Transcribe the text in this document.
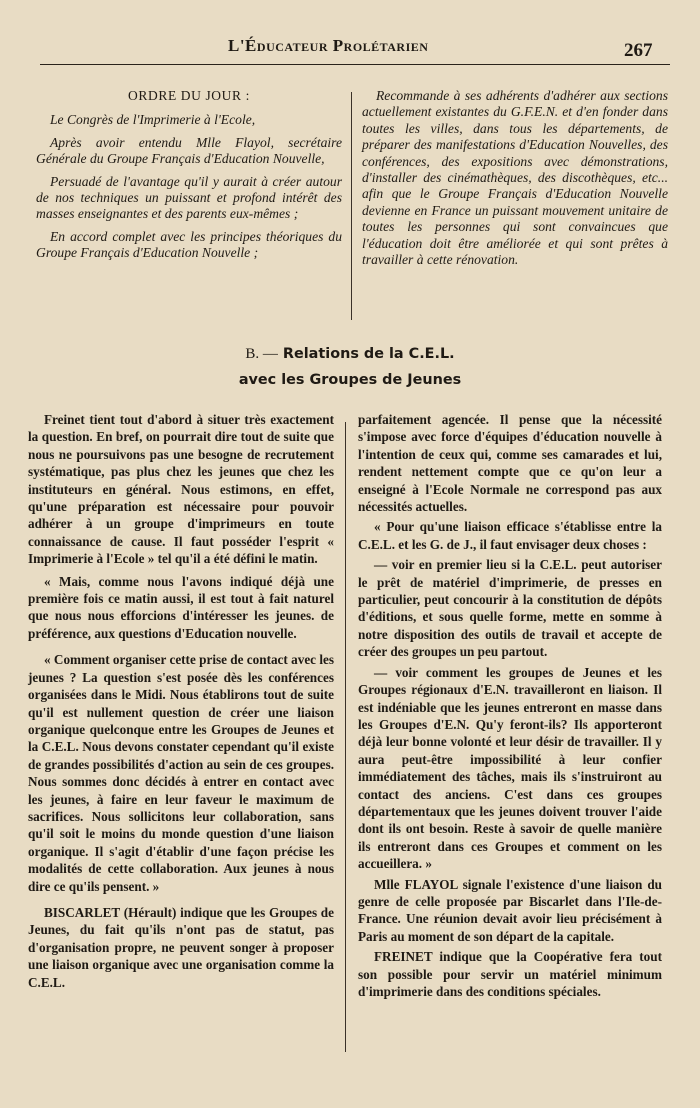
L'Éducateur Prolétarien	267

ORDRE DU JOUR :

Le Congrès de l'Imprimerie à l'Ecole,

Après avoir entendu Mlle Flayol, secrétaire Générale du Groupe Français d'Education Nouvelle,

Persuadé de l'avantage qu'il y aurait à créer autour de nos techniques un puissant et profond intérêt des masses enseignantes et des parents eux-mêmes ;

En accord complet avec les principes théoriques du Groupe Français d'Education Nouvelle ;

Recommande à ses adhérents d'adhérer aux sections actuellement existantes du G.F.E.N. et d'en fonder dans toutes les villes, dans tous les départements, de préparer des manifestations d'Education Nouvelles, des conférences, des expositions avec démonstrations, d'installer des cinémathèques, des discothèques, etc... afin que le Groupe Français d'Education Nouvelle devienne en France un puissant mouvement unitaire de toutes les personnes qui sont convaincues que l'éducation doit être améliorée et qui sont prêtes à travailler à cette rénovation.

B. — Relations de la C.E.L.
avec les Groupes de Jeunes

Freinet tient tout d'abord à situer très exactement la question. En bref, on pourrait dire tout de suite que nous ne poursuivons pas une besogne de recrutement systématique, pas plus chez les jeunes que chez les instituteurs en général. Nous estimons, en effet, qu'une préparation est nécessaire pour pouvoir adhérer à un groupe d'imprimeurs en toute connaissance de cause. Il faut posséder l'esprit « Imprimerie à l'Ecole » tel qu'il a été défini le matin.

« Mais, comme nous l'avons indiqué déjà une première fois ce matin aussi, il est tout à fait naturel que nous nous efforcions d'intéresser les jeunes. de préférence, aux questions d'Education nouvelle.

« Comment organiser cette prise de contact avec les jeunes ? La question s'est posée dès les conférences organisées dans le Midi. Nous établirons tout de suite qu'il est nullement question de créer une liaison organique quelconque entre les Groupes de Jeunes et la C.E.L. Nous devons constater cependant qu'il existe de grandes possibilités d'action au sein de ces groupes. Nous sommes donc décidés à entrer en contact avec les jeunes, à faire en leur faveur le maximum de sacrifices. Nous sollicitons leur collaboration, sans qu'il soit le moins du monde question d'une liaison organique. Il s'agit d'établir d'une façon précise les modalités de cette collaboration. Aux jeunes à nous dire ce qu'ils pensent. »

BISCARLET (Hérault) indique que les Groupes de Jeunes, du fait qu'ils n'ont pas de statut, pas d'organisation propre, ne peuvent songer à proposer une liaison organique avec une organisation comme la C.E.L.

parfaitement agencée. Il pense que la nécessité s'impose avec force d'équipes d'éducation nouvelle à l'intention de ceux qui, comme ses camarades et lui, rendent nettement compte que ce qu'on leur a enseigné à l'Ecole Normale ne correspond pas aux nécessités actuelles.

« Pour qu'une liaison efficace s'établisse entre la C.E.L. et les G. de J., il faut envisager deux choses :

— voir en premier lieu si la C.E.L. peut autoriser le prêt de matériel d'imprimerie, de presses en particulier, peut concourir à la constitution de dépôts d'éditions, et sous quelle forme, mette en somme à notre disposition des outils de travail et accepte de créer des groupes un peu partout.

— voir comment les groupes de Jeunes et les Groupes régionaux d'E.N. travailleront en liaison. Il est indéniable que les jeunes entreront en masse dans les Groupes d'E.N. Qu'y feront-ils? Ils apporteront déjà leur bonne volonté et leur désir de travailler. Il y aura peut-être impossibilité à leur confier immédiatement des tâches, mais ils s'instruiront au contact des anciens. C'est dans ces groupes départementaux que les jeunes doivent trouver l'aide dont ils ont besoin. Reste à savoir de quelle manière ils entreront dans ces Groupes et comment on les accueillera. »

Mlle FLAYOL signale l'existence d'une liaison du genre de celle proposée par Biscarlet dans l'Ile-de-France. Une réunion devait avoir lieu précisément à Paris au moment de son départ de la capitale.

FREINET indique que la Coopérative fera tout son possible pour servir un matériel minimum d'imprimerie dans des conditions spéciales.
